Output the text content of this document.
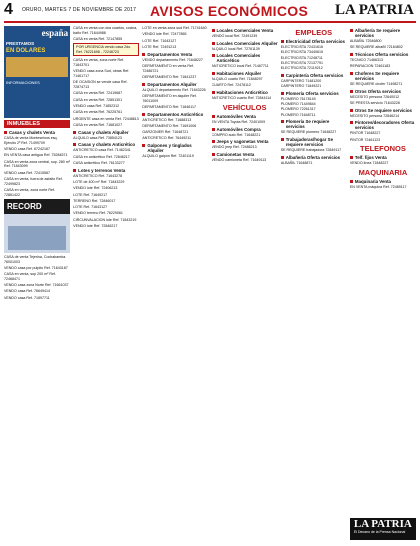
4 ORURO, MARTES 7 DE NOVIEMBRE DE 2017 AVISOS ECONÓMICOS LA PATRIA
españa
PRESTAMOS
EN DOLARES
INFORMACIONES
INMUEBLES
Casas y chalets Venta
CASA de venta Monteseinos esq. Ejército 2º Ref. 71499709
VENDO casa Ref. 67242167
EN VENTA casa antigua Ref. 75284571
CASA en venta zona central, sup. 280 m² Ref. 71843099
VENDO casa Ref. 72415587
CASA en venta, fuera de asfalto Ref. 72499823
CASA en venta, zona norte Ref. 72861422
RECORD
CASA de venta Tejerina, Cochabamba. 76001003
VENDO casa por pulpito Ref. 71643187
CASA en venta, sup 200 m² Ref. 72468471
VENDO casa zona Norte Ref. 71661037
VENDO casa Ref. 76649414
VENDO casa Ref. 71897711
CASA en venta con dos cuartos, cocina, baño Ref. 71644988
CASA en venta Ref. 72147855
POR URGENCIA vendo casa 2do. Ref. 76221698 - 72246723
CASA en venta, zona norte Ref. 71843701
VENDO casa zona Sud, obras Ref. 71461717
DE OCASION se vende casa Ref. 72874713
CASA en venta Ref. 72419687
CASA en venta Ref. 72851301
VENDO casa Ref. 71852312
CASA en venta Ref. 76225761
URGENTE casa en venta Ref. 72448613
CASA en venta Ref. 71681027
Casas y chalets Alquiler
ALQUILO casa Ref. 73854123
Casas y chalets Anticrético
ANTICRETICO casa Ref. 71462341
CASA en anticrético Ref. 72846217
CASA anticrético Ref. 76133277
Lotes y terrenos Venta
ANTICRETICO Ref. 71643278
LOTE de 400 m² Ref. 71843229
VENDO lote Ref. 72406213
LOTE Ref. 71649217
TERRENO Ref. 72846017
LOTE Ref. 71643127
VENDO terreno Ref. 76229061
CIRCUNVALACION lote Ref. 71843219
VENDO lote Ref. 72846217
LOTE en venta zona sud Ref. 71741640
VENDO lote Ref. 72477865
LOTE Ref. 71643127
LOTE Ref. 72491213
Departamentos Venta
VENDO departamento Ref. 71648227
DEPARTAMENTO en venta Ref. 72486721
DEPARTAMENTO Ref. 71841237
Departamentos Alquiler
ALQUILO departamento Ref. 71643226
DEPARTAMENTO en alquiler Ref. 76011009
DEPARTAMENTO Ref. 71846117
Departamentos Anticrético
ANTICRETICO Ref. 71688313
DEPARTAMENTO Ref. 71691006
GARZONIER Ref. 71648721
ANTICRETICO Ref. 76449211
Galpones y tinglados Alquiler
ALQUILO galpón Ref. 72401119
Locales Comerciales Venta
VENDO local Ref. 72491239
Locales Comerciales Alquiler
ALQUILO local Ref. 72761139
Locales Comerciales Anticrético
ANTICRETICO local Ref. 71467711
Habitaciones Alquiler
ALQUILO cuarto Ref. 71848297
CUARTO Ref. 72478112
Habitaciones Anticrético
ANTICRETICO cuarto Ref. 72844114
VEHÍCULOS
Automóviles Venta
EN VENTA Toyota Ref. 72401009
Automóviles Compra
COMPRO auto Ref. 71648221
Jeeps y vagonetas Venta
VENDO jeep Ref. 72486213
Camionetas Venta
VENDO camioneta Ref. 71649113
EMPLEOS
Electricidad Oferta servicios
ELECTRICISTA 72431616
ELECTRICISTA 73440615
ELECTRICISTA 71248711
ELECTRICISTA 72137791
ELECTRICISTA 72119212
Carpintería Oferta servicios
CARPINTERO 71481200
CARPINTERO 71849221
Plomería Oferta servicios
PLOMERO 76178149
PLOMERO 71449844
PLOMERO 72261317
PLOMERO 71648711
Plomería Se requiere servicios
SE REQUIERE plomero 71648227
Trabajadoras/hogar Se requiere servicios
SE REQUIERE trabajadora 72849117
Albañería Oferta servicios
ALBAÑIL 71648871
Albañería Se requiere servicios
ALBAÑIL 72546800
SE REQUIERE albañil 72164802
Técnicos Oferta servicios
TECNICO 71466313
REPARACION 72461183
Choferes Se requiere servicios
SE REQUIERE chofer 71498271
Otros Oferta servicios
NECESITO persona 72640012
SE PRESTA servicio 71643228
Otros Se requiere servicios
NECESITO persona 72846214
Pintores/decoradores Oferta servicios
PINTOR 71648227
PINTOR 72461123
TELEFONOS
Telf. fijos Venta
VENDO línea 71848227
MAQUINARIA
Maquinaria Venta
EN VENTA máquina Ref. 72489117
LA PATRIA
El Decano de la Prensa Nacional
